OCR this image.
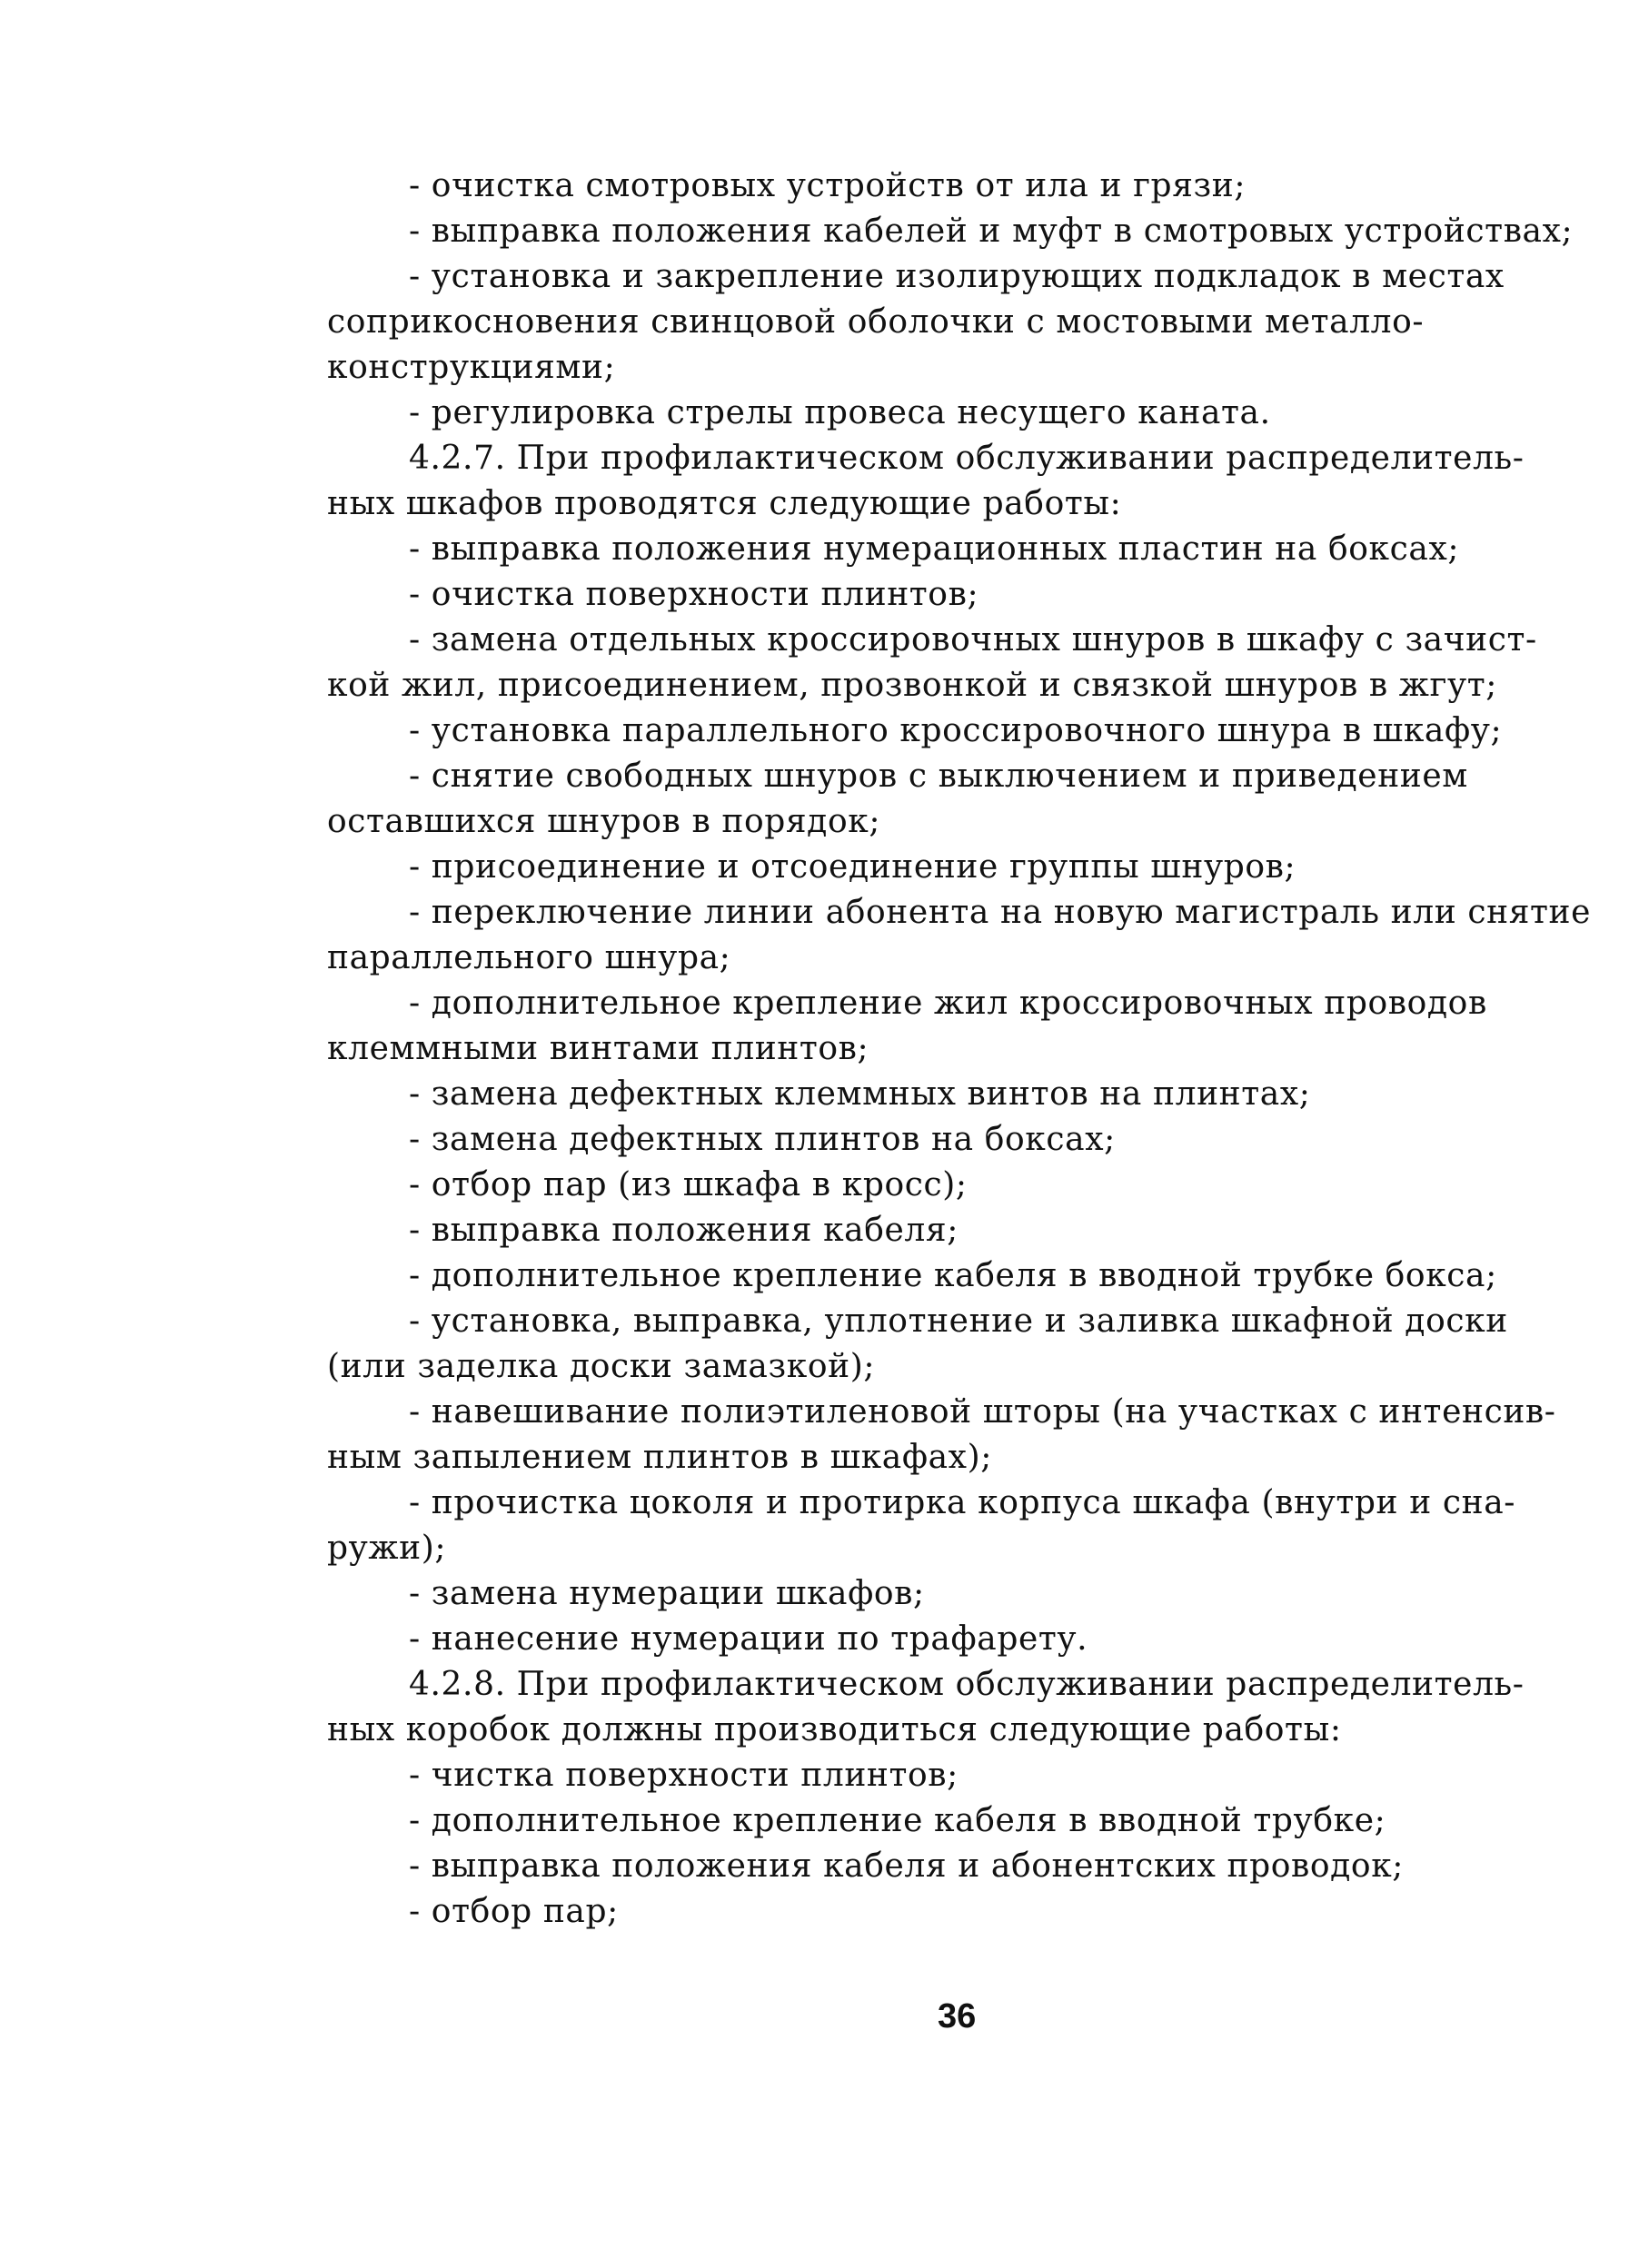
- очистка смотровых устройств от ила и грязи;
- выправка положения кабелей и муфт в смотровых устройствах;
- установка и закрепление изолирующих подкладок в местах
соприкосновения свинцовой оболочки с мостовыми металло-
конструкциями;
- регулировка стрелы провеса несущего каната.
4.2.7. При профилактическом обслуживании распределитель-
ных шкафов проводятся следующие работы:
- выправка положения нумерационных пластин на боксах;
- очистка поверхности плинтов;
- замена отдельных кроссировочных шнуров в шкафу с зачист-
кой жил, присоединением, прозвонкой и связкой шнуров в жгут;
- установка параллельного кроссировочного шнура в шкафу;
- снятие свободных шнуров с выключением и приведением
оставшихся шнуров в порядок;
- присоединение и отсоединение группы шнуров;
- переключение линии абонента на новую магистраль или снятие
параллельного шнура;
- дополнительное крепление жил кроссировочных проводов
клеммными винтами плинтов;
- замена дефектных клеммных винтов на плинтах;
- замена дефектных плинтов на боксах;
- отбор пар (из шкафа в кросс);
- выправка положения кабеля;
- дополнительное крепление кабеля в вводной трубке бокса;
- установка, выправка, уплотнение и заливка шкафной доски
(или заделка доски замазкой);
- навешивание полиэтиленовой шторы (на участках с интенсив-
ным запылением плинтов в шкафах);
- прочистка цоколя и протирка корпуса шкафа (внутри и сна-
ружи);
- замена нумерации шкафов;
- нанесение нумерации по трафарету.
4.2.8. При профилактическом обслуживании распределитель-
ных коробок должны производиться следующие работы:
- чистка поверхности плинтов;
- дополнительное крепление кабеля в вводной трубке;
- выправка положения кабеля и абонентских проводок;
- отбор пар;
36
